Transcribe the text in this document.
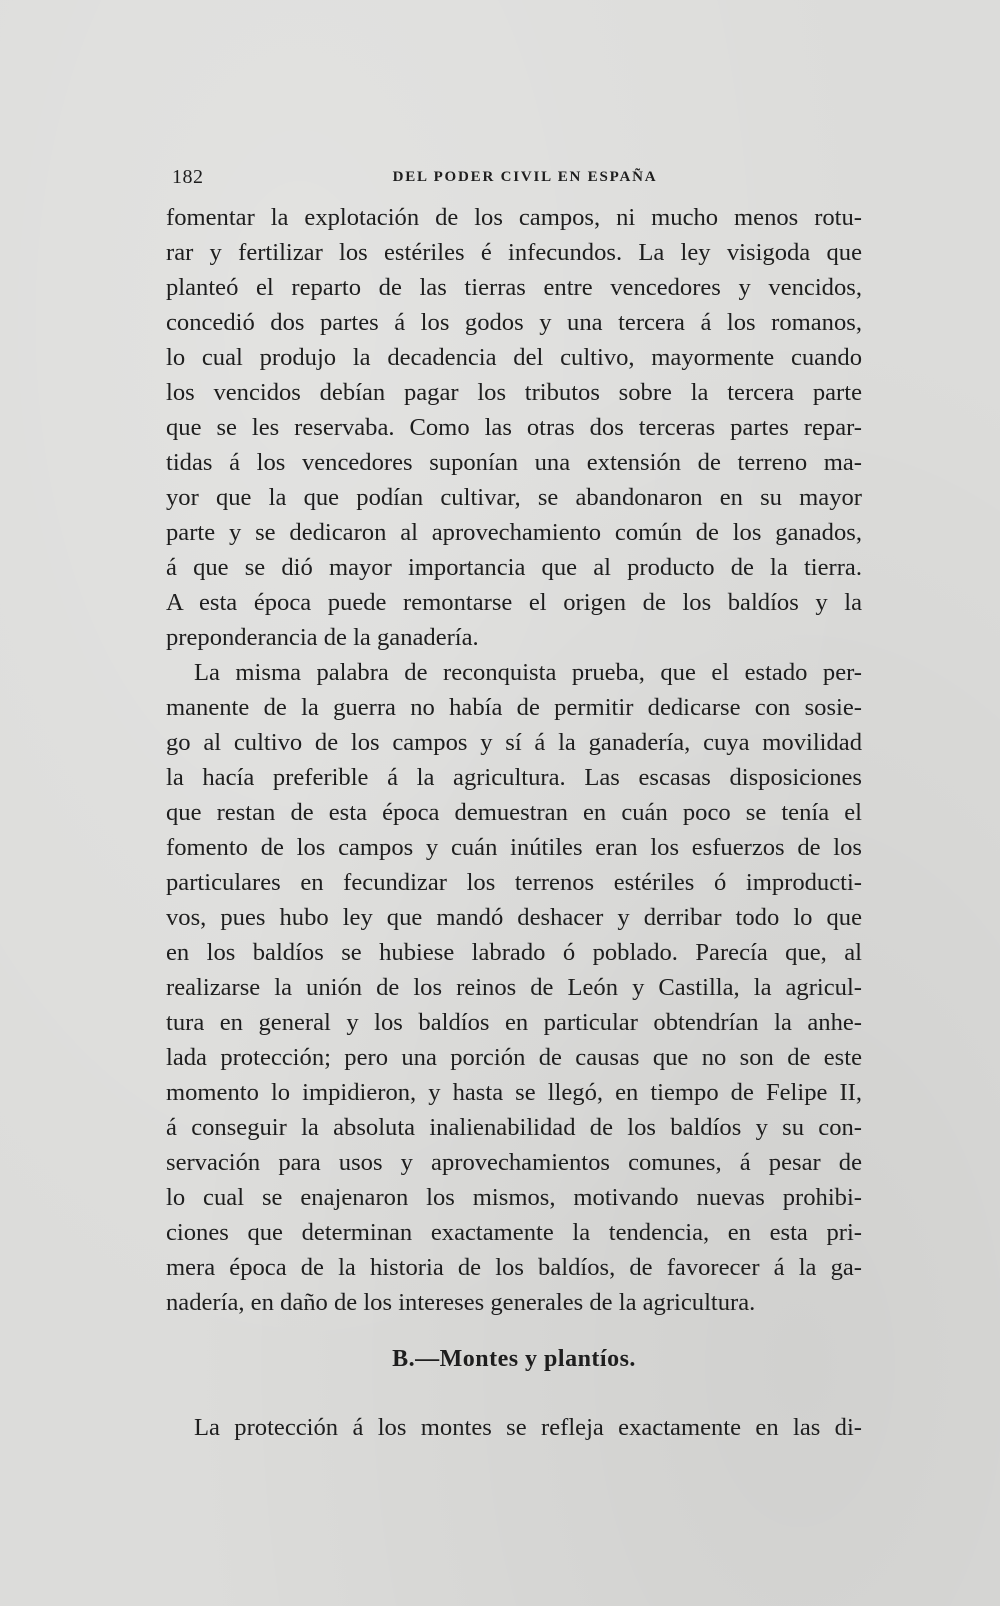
182	DEL PODER CIVIL EN ESPAÑA

fomentar la explotación de los campos, ni mucho menos rotu-
rar y fertilizar los estériles é infecundos. La ley visigoda que
planteó el reparto de las tierras entre vencedores y vencidos,
concedió dos partes á los godos y una tercera á los romanos,
lo cual produjo la decadencia del cultivo, mayormente cuando
los vencidos debían pagar los tributos sobre la tercera parte
que se les reservaba. Como las otras dos terceras partes repar-
tidas á los vencedores suponían una extensión de terreno ma-
yor que la que podían cultivar, se abandonaron en su mayor
parte y se dedicaron al aprovechamiento común de los ganados,
á que se dió mayor importancia que al producto de la tierra.
A esta época puede remontarse el origen de los baldíos y la
preponderancia de la ganadería.

La misma palabra de reconquista prueba, que el estado per-
manente de la guerra no había de permitir dedicarse con sosie-
go al cultivo de los campos y sí á la ganadería, cuya movilidad
la hacía preferible á la agricultura. Las escasas disposiciones
que restan de esta época demuestran en cuán poco se tenía el
fomento de los campos y cuán inútiles eran los esfuerzos de los
particulares en fecundizar los terrenos estériles ó improducti-
vos, pues hubo ley que mandó deshacer y derribar todo lo que
en los baldíos se hubiese labrado ó poblado. Parecía que, al
realizarse la unión de los reinos de León y Castilla, la agricul-
tura en general y los baldíos en particular obtendrían la anhe-
lada protección; pero una porción de causas que no son de este
momento lo impidieron, y hasta se llegó, en tiempo de Felipe II,
á conseguir la absoluta inalienabilidad de los baldíos y su con-
servación para usos y aprovechamientos comunes, á pesar de
lo cual se enajenaron los mismos, motivando nuevas prohibi-
ciones que determinan exactamente la tendencia, en esta pri-
mera época de la historia de los baldíos, de favorecer á la ga-
nadería, en daño de los intereses generales de la agricultura.

B.—Montes y plantíos.
La protección á los montes se refleja exactamente en las di-
